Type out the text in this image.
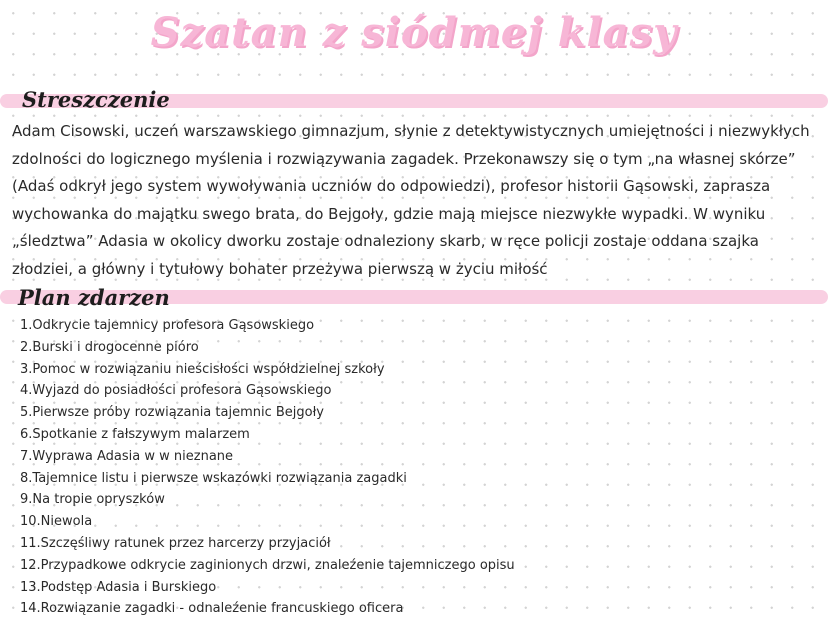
Szatan z siódmej klasy
Streszczenie

Adam Cisowski, uczeń warszawskiego gimnazjum, słynie z detektywistycznych umiejętności i niezwykłych zdolności do logicznego myślenia i rozwiązywania zagadek. Przekonawszy się o tym „na własnej skórze” (Adaś odkrył jego system wywoływania uczniów do odpowiedzi), profesor historii Gąsowski, zaprasza wychowanka do majątku swego brata, do Bejgoły, gdzie mają miejsce niezwykłe wypadki. W wyniku „śledztwa” Adasia w okolicy dworku zostaje odnaleziony skarb, w ręce policji zostaje oddana szajka złodziei, a główny i tytułowy bohater przeżywa pierwszą w życiu miłość

Plan zdarzen
1.Odkrycie tajemnicy profesora Gąsowskiego
2.Burski i drogocenne pióro
3.Pomoc w rozwiązaniu nieścisłości współdzielnej szkoły
4.Wyjazd do posiadłości profesora Gąsowskiego
5.Pierwsze próby rozwiązania tajemnic Bejgoły
6.Spotkanie z fałszywym malarzem
7.Wyprawa Adasia w w nieznane
8.Tajemnice listu i pierwsze wskazówki rozwiązania zagadki
9.Na tropie opryszków
10.Niewola
11.Szczęśliwy ratunek przez harcerzy przyjaciół
12.Przypadkowe odkrycie zaginionych drzwi, znaleźenie tajemniczego opisu
13.Podstęp Adasia i Burskiego
14.Rozwiązanie zagadki - odnaleźenie francuskiego oficera
